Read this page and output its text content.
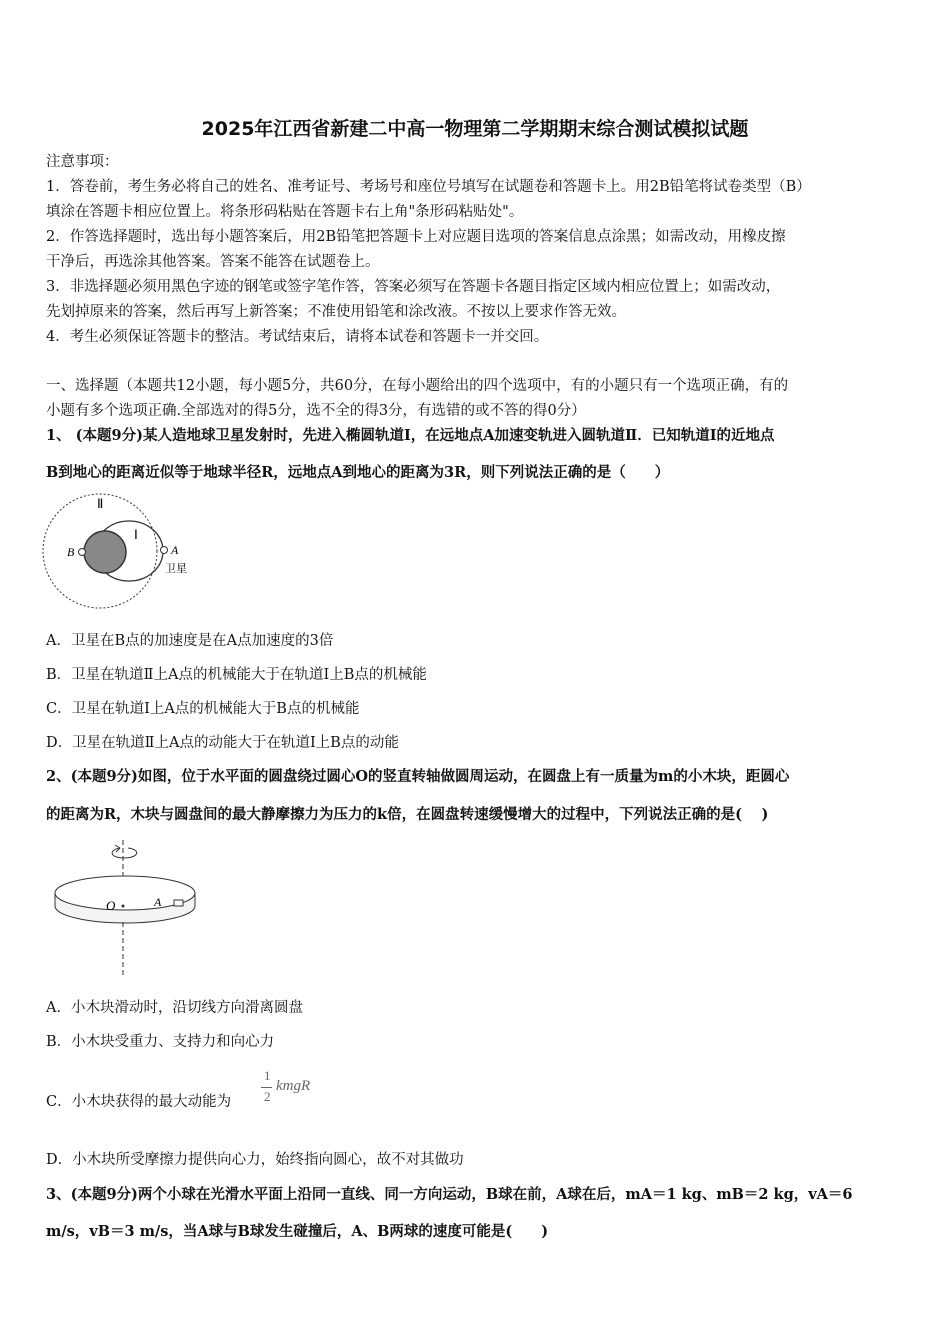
2025年江西省新建二中高一物理第二学期期末综合测试模拟试题
注意事项：
1．答卷前，考生务必将自己的姓名、准考证号、考场号和座位号填写在试题卷和答题卡上。用2B铅笔将试卷类型（B）
填涂在答题卡相应位置上。将条形码粘贴在答题卡右上角"条形码粘贴处"。
2．作答选择题时，选出每小题答案后，用2B铅笔把答题卡上对应题目选项的答案信息点涂黑；如需改动，用橡皮擦
干净后，再选涂其他答案。答案不能答在试题卷上。
3．非选择题必须用黑色字迹的钢笔或签字笔作答，答案必须写在答题卡各题目指定区域内相应位置上；如需改动，
先划掉原来的答案，然后再写上新答案；不准使用铅笔和涂改液。不按以上要求作答无效。
4．考生必须保证答题卡的整洁。考试结束后，请将本试卷和答题卡一并交回。
一、选择题（本题共12小题，每小题5分，共60分，在每小题给出的四个选项中，有的小题只有一个选项正确，有的
小题有多个选项正确.全部选对的得5分，选不全的得3分，有选错的或不答的得0分）
1、 (本题9分)某人造地球卫星发射时，先进入椭圆轨道Ⅰ，在远地点A加速变轨进入圆轨道Ⅱ．已知轨道Ⅰ的近地点
B到地心的距离近似等于地球半径R，远地点A到地心的距离为3R，则下列说法正确的是（　　）
Ⅱ
Ⅰ
B	A
卫星
A．卫星在B点的加速度是在A点加速度的3倍
B．卫星在轨道Ⅱ上A点的机械能大于在轨道Ⅰ上B点的机械能
C．卫星在轨道Ⅰ上A点的机械能大于B点的机械能
D．卫星在轨道Ⅱ上A点的动能大于在轨道Ⅰ上B点的动能
2、(本题9分)如图，位于水平面的圆盘绕过圆心O的竖直转轴做圆周运动，在圆盘上有一质量为m的小木块，距圆心
的距离为R，木块与圆盘间的最大静摩擦力为压力的k倍，在圆盘转速缓慢增大的过程中，下列说法正确的是(　 )
O	A
A．小木块滑动时，沿切线方向滑离圆盘
B．小木块受重力、支持力和向心力
C．小木块获得的最大动能为
1
2
kmgR
D．小木块所受摩擦力提供向心力，始终指向圆心，故不对其做功
3、(本题9分)两个小球在光滑水平面上沿同一直线、同一方向运动，B球在前，A球在后，mA＝1 kg、mB＝2 kg，vA＝6
m/s，vB＝3 m/s，当A球与B球发生碰撞后，A、B两球的速度可能是(　　)
